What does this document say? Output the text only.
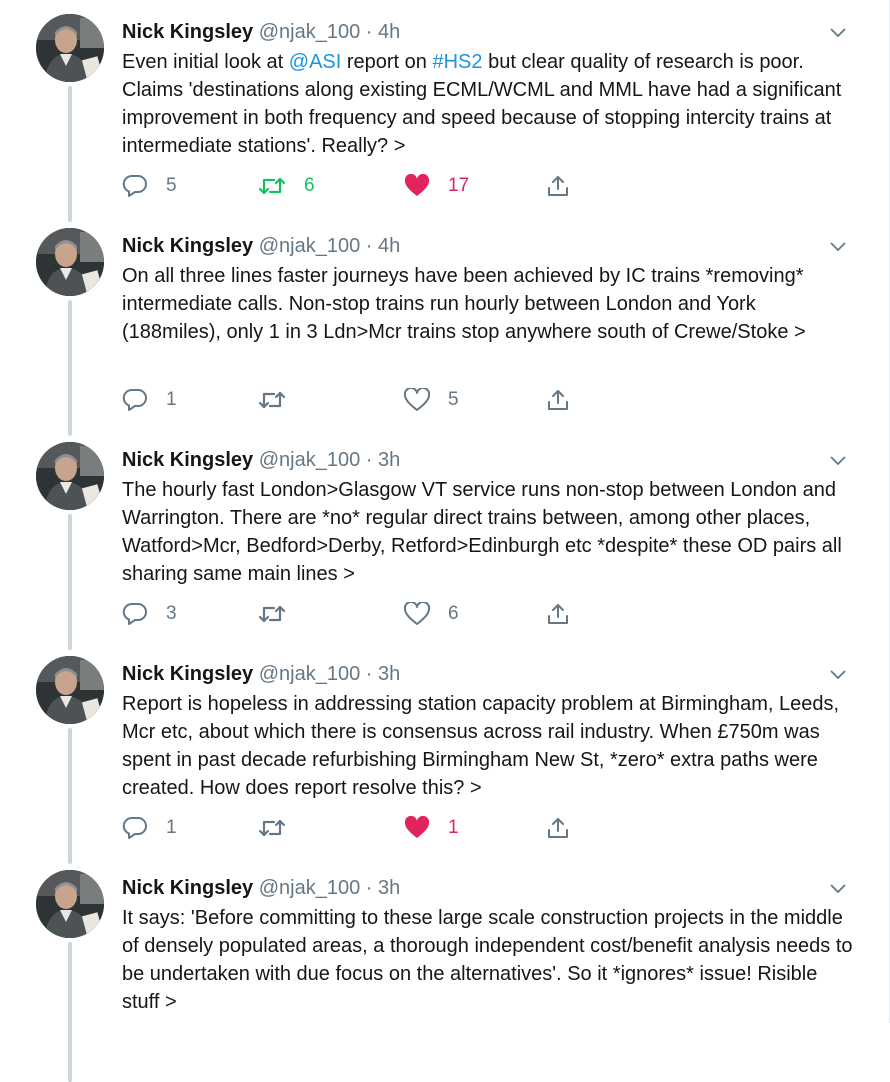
Nick Kingsley @njak_100 · 4h
Even initial look at @ASI report on #HS2 but clear quality of research is poor. Claims 'destinations along existing ECML/WCML and MML have had a significant improvement in both frequency and speed because of stopping intercity trains at intermediate stations'. Really? >
5	6	17
Nick Kingsley @njak_100 · 4h
On all three lines faster journeys have been achieved by IC trains *removing* intermediate calls. Non-stop trains run hourly between London and York (188miles), only 1 in 3 Ldn>Mcr trains stop anywhere south of Crewe/Stoke >
1	5
Nick Kingsley @njak_100 · 3h
The hourly fast London>Glasgow VT service runs non-stop between London and Warrington. There are *no* regular direct trains between, among other places, Watford>Mcr, Bedford>Derby, Retford>Edinburgh etc *despite* these OD pairs all sharing same main lines >
3	6
Nick Kingsley @njak_100 · 3h
Report is hopeless in addressing station capacity problem at Birmingham, Leeds, Mcr etc, about which there is consensus across rail industry. When £750m was spent in past decade refurbishing Birmingham New St, *zero* extra paths were created. How does report resolve this? >
1	1
Nick Kingsley @njak_100 · 3h
It says: 'Before committing to these large scale construction projects in the middle of densely populated areas, a thorough independent cost/benefit analysis needs to be undertaken with due focus on the alternatives'. So it *ignores* issue! Risible stuff >
